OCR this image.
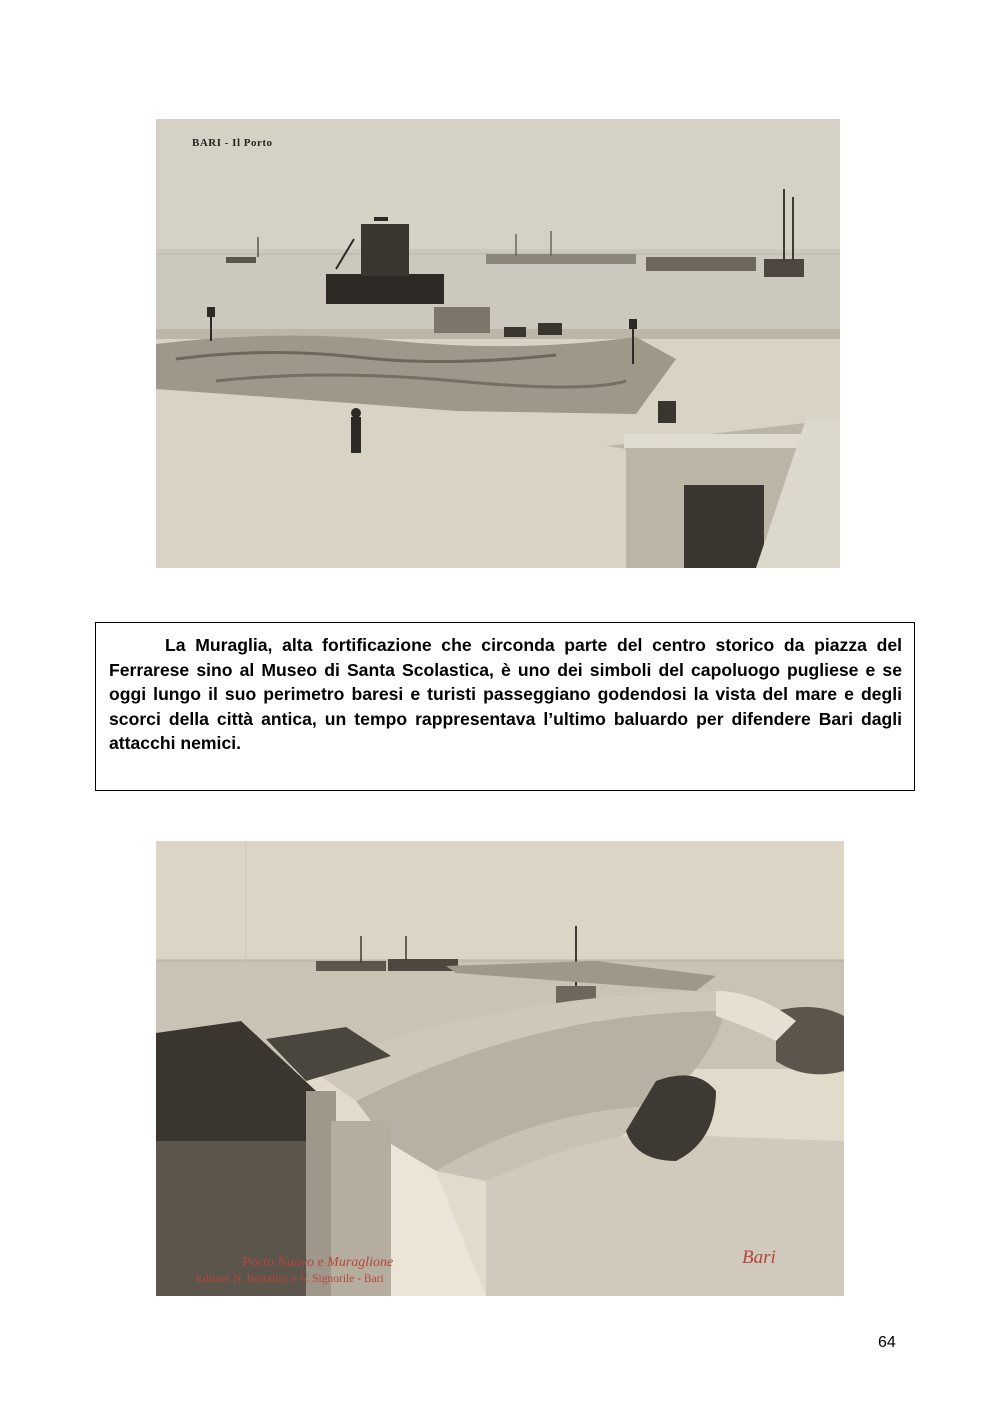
BARI - Il Porto

La Muraglia, alta fortificazione che circonda parte del centro storico da piazza del Ferrarese sino al Museo di Santa Scolastica, è uno dei simboli del capoluogo pugliese e se oggi lungo il suo perimetro baresi e turisti passeggiano godendosi la vista del mare e degli scorci della città antica, un tempo rappresentava l’ultimo baluardo per difendere Bari dagli attacchi nemici.

Porto Nuovo e Muraglione
Editore N. Bottalico e V. Signorile - Bari
Bari
64
